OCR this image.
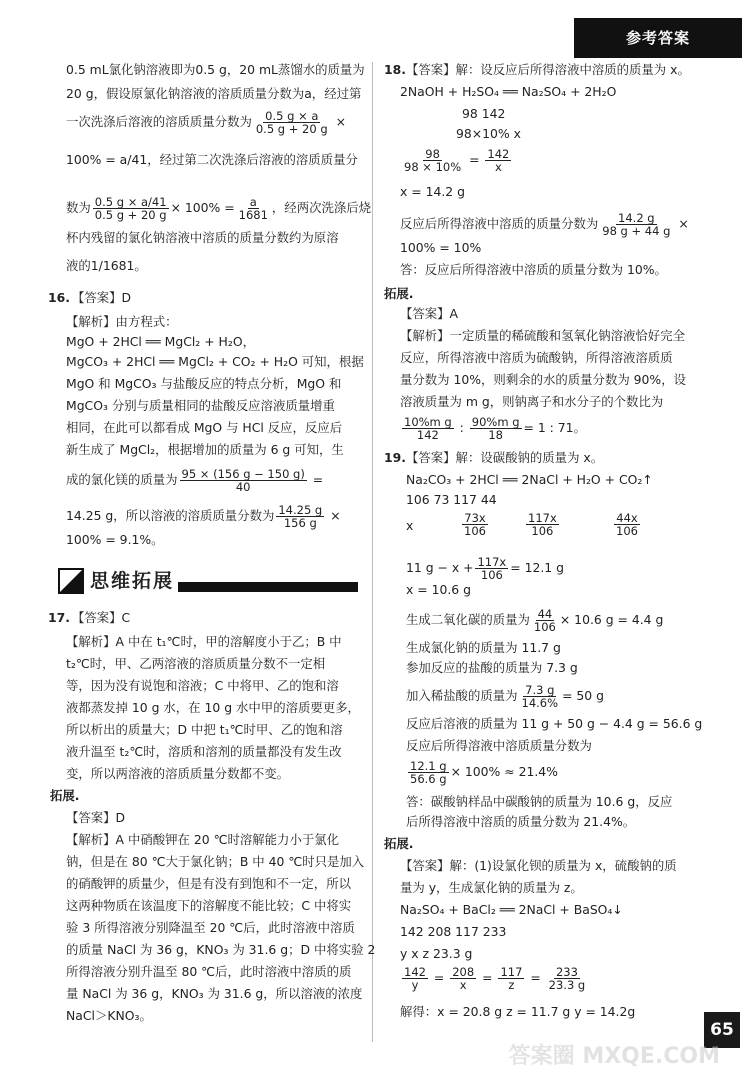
参考答案
0.5 mL氯化钠溶液即为0.5 g，20 mL蒸馏水的质量为
20 g，假设原氯化钠溶液的溶质质量分数为a，经过第
一次洗涤后溶液的溶质质量分数为 $\frac{0.5 g \times a}{0.5 g + 20 g}$ ×
100% = a/41，经过第二次洗涤后溶液的溶质质量分
数为 $\frac{0.5 g \times a/41}{0.5 g + 20 g} \times 100\% = \frac{a}{1681}$ ，经两次洗涤后烧
杯内残留的氯化钠溶液中溶质的质量分数约为原溶
液的1/1681。
16. 【答案】D
【解析】由方程式：
MgO + 2HCl ══ MgCl₂ + H₂O，
MgCO₃ + 2HCl ══ MgCl₂ + CO₂ + H₂O 可知，根据
MgO 和 MgCO₃ 与盐酸反应的特点分析，MgO 和
MgCO₃ 分别与质量相同的盐酸反应溶液质量增重
相同，在此可以都看成 MgO 与 HCl 反应，反应后
新生成了 MgCl₂，根据增加的质量为 6 g 可知，生
成的氯化镁的质量为 $\frac{95 \times (156 g - 150 g)}{40}$ =
14.25 g，所以溶液的溶质质量分数为 $\frac{14.25 g}{156 g}$ ×
100% = 9.1%。
思维拓展
17. 【答案】C
【解析】A 中在 t₁℃时，甲的溶解度小于乙；B 中
t₂℃时，甲、乙两溶液的溶质质量分数不一定相
等，因为没有说饱和溶液；C 中将甲、乙的饱和溶
液都蒸发掉 10 g 水，在 10 g 水中甲的溶质要更多，
所以析出的质量大；D 中把 t₁℃时甲、乙的饱和溶
液升温至 t₂℃时，溶质和溶剂的质量都没有发生改
变，所以两溶液的溶质质量分数都不变。
拓展.
【答案】D
【解析】A 中硝酸钾在 20 ℃时溶解能力小于氯化
钠，但是在 80 ℃大于氯化钠；B 中 40 ℃时只是加入
的硝酸钾的质量少，但是有没有到饱和不一定，所以
这两种物质在该温度下的溶解度不能比较；C 中将实
验 3 所得溶液分别降温至 20 ℃后，此时溶液中溶质
的质量 NaCl 为 36 g，KNO₃ 为 31.6 g；D 中将实验 2
所得溶液分别升温至 80 ℃后，此时溶液中溶质的质
量 NaCl 为 36 g，KNO₃ 为 31.6 g，所以溶液的浓度
NaCl＞KNO₃。
18. 【答案】解：设反应后所得溶液中溶质的质量为 x。
2NaOH + H₂SO₄ ══ Na₂SO₄ + 2H₂O
98 142
98×10% x
$\frac{98}{98 \times 10\%} = \frac{142}{x}$
x = 14.2 g
反应后所得溶液中溶质的质量分数为 $\frac{14.2 g}{98 g + 44 g}$ ×
100% = 10%
答：反应后所得溶液中溶质的质量分数为 10%。
拓展.
【答案】A
【解析】一定质量的稀硫酸和氢氧化钠溶液恰好完全
反应，所得溶液中溶质为硫酸钠，所得溶液溶质质
量分数为 10%，则剩余的水的质量分数为 90%，设
溶液质量为 m g，则钠离子和水分子的个数比为
$\frac{\text{10\%m g}}{142}$ : $\frac{\text{90\%m g}}{18} = 1$ : 71。
19. 【答案】解：设碳酸钠的质量为 x。
Na₂CO₃ + 2HCl ══ 2NaCl + H₂O + CO₂↑
106 73 117 44
x	$\frac{73x}{106}$	$\frac{117x}{106}$	$\frac{44x}{106}$
11 $g - x + \frac{117x}{106} = 12.1$ g
x = 10.6 g
生成二氧化碳的质量为 $\frac{44}{106} \times 10.6$ g = 4.4 g
生成氯化钠的质量为 11.7 g
参加反应的盐酸的质量为 7.3 g
加入稀盐酸的质量为 $\frac{7.3 g}{14.6\%} = 50$ g
反应后溶液的质量为 11 g + 50 g − 4.4 g = 56.6 g
反应后所得溶液中溶质质量分数为
$\frac{12.1 g}{56.6 g} \times 100\% \approx 21.4\%$
答：碳酸钠样品中碳酸钠的质量为 10.6 g，反应
后所得溶液中溶质的质量分数为 21.4%。
拓展.
【答案】解：(1)设氯化钡的质量为 x，硫酸钠的质
量为 y，生成氯化钠的质量为 z。
Na₂SO₄ + BaCl₂ ══ 2NaCl + BaSO₄↓
142 208 117 233
y x z 23.3 g
$\frac{142}{y} = \frac{208}{x} = \frac{117}{z} = \frac{233}{23.3 g}$
解得：x = 20.8 g z = 11.7 g y = 14.2g
65
答案圈 MXQE.COM
